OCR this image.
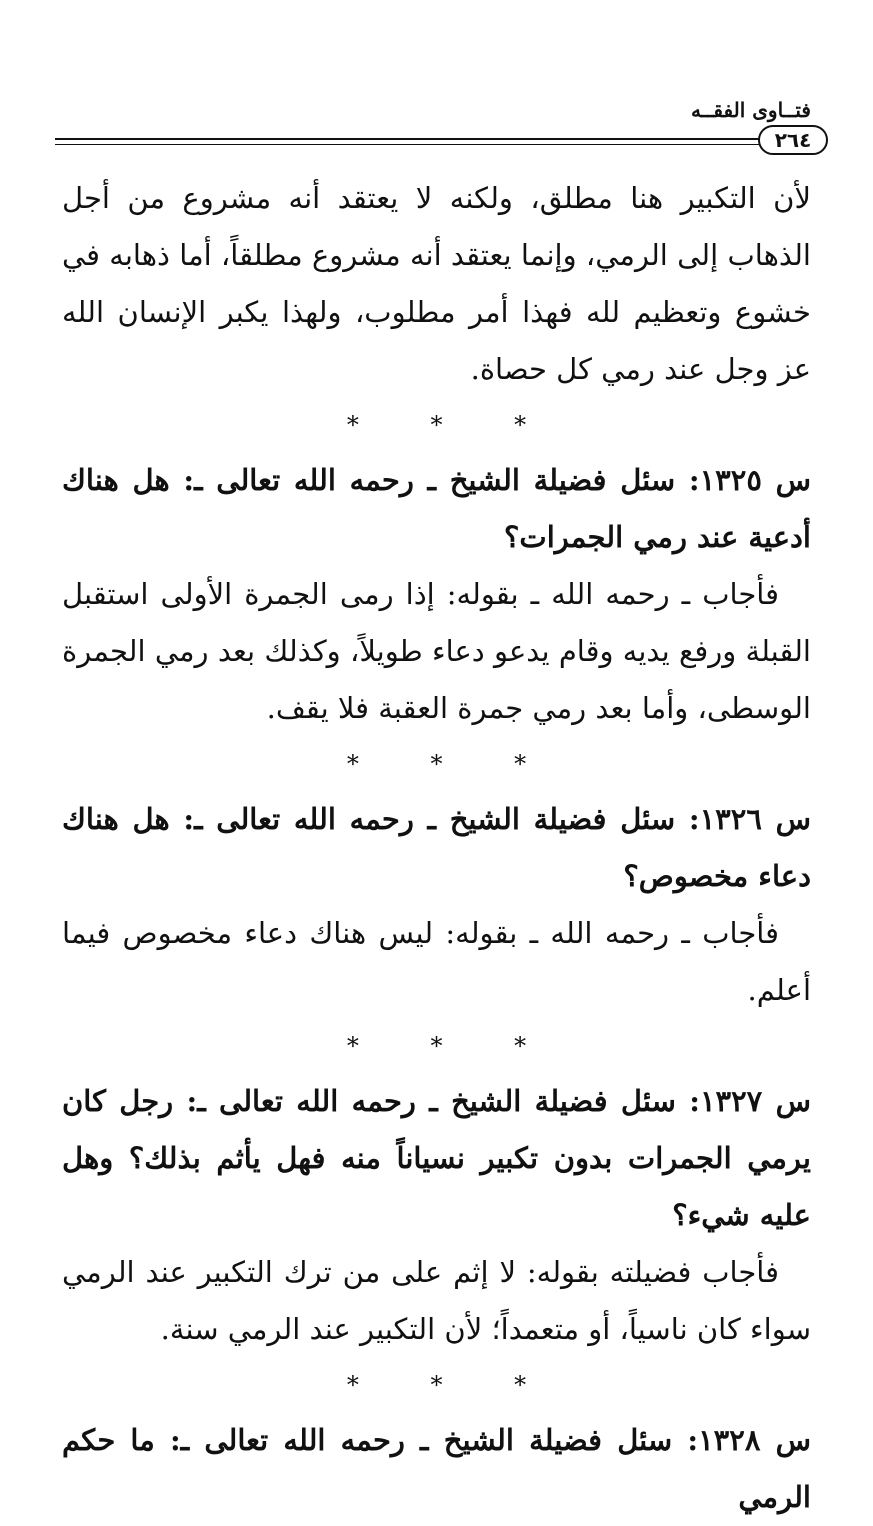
فتــاوى الفقــه
٢٦٤

لأن التكبير هنا مطلق، ولكنه لا يعتقد أنه مشروع من أجل الذهاب إلى الرمي، وإنما يعتقد أنه مشروع مطلقاً، أما ذهابه في خشوع وتعظيم لله فهذا أمر مطلوب، ولهذا يكبر الإنسان الله عز وجل عند رمي كل حصاة.

* * *

س ١٣٢٥: سئل فضيلة الشيخ ـ رحمه الله تعالى ـ: هل هناك أدعية عند رمي الجمرات؟

فأجاب ـ رحمه الله ـ بقوله: إذا رمى الجمرة الأولى استقبل القبلة ورفع يديه وقام يدعو دعاء طويلاً، وكذلك بعد رمي الجمرة الوسطى، وأما بعد رمي جمرة العقبة فلا يقف.

* * *

س ١٣٢٦: سئل فضيلة الشيخ ـ رحمه الله تعالى ـ: هل هناك دعاء مخصوص؟

فأجاب ـ رحمه الله ـ بقوله: ليس هناك دعاء مخصوص فيما أعلم.

* * *

س ١٣٢٧: سئل فضيلة الشيخ ـ رحمه الله تعالى ـ: رجل كان يرمي الجمرات بدون تكبير نسياناً منه فهل يأثم بذلك؟ وهل عليه شيء؟

فأجاب فضيلته بقوله: لا إثم على من ترك التكبير عند الرمي سواء كان ناسياً، أو متعمداً؛ لأن التكبير عند الرمي سنة.

* * *

س ١٣٢٨: سئل فضيلة الشيخ ـ رحمه الله تعالى ـ: ما حكم الرمي
